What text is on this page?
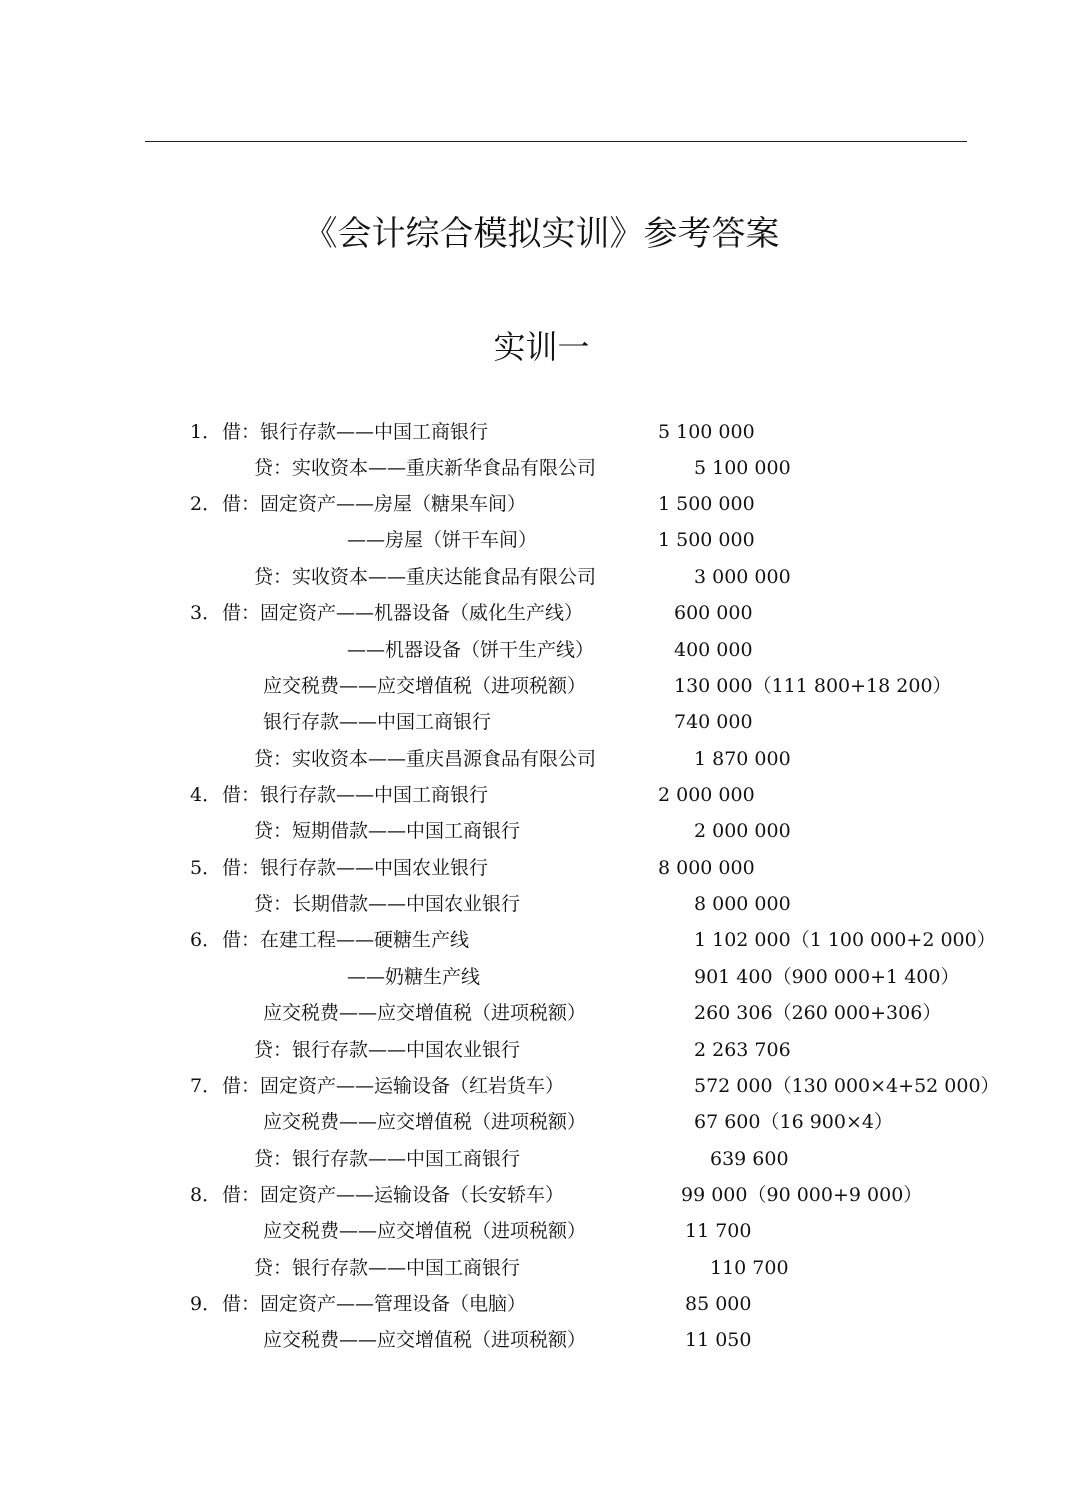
《会计综合模拟实训》参考答案
实训一
1． 借：银行存款——中国工商银行	5 100 000
贷：实收资本——重庆新华食品有限公司	5 100 000
2． 借：固定资产——房屋（糖果车间）	1 500 000
——房屋（饼干车间）	1 500 000
贷：实收资本——重庆达能食品有限公司	3 000 000
3． 借：固定资产——机器设备（威化生产线）	600 000
——机器设备（饼干生产线）	400 000
应交税费——应交增值税（进项税额）	130 000（111 800+18 200）
银行存款——中国工商银行	740 000
贷：实收资本——重庆昌源食品有限公司	1 870 000
4． 借：银行存款——中国工商银行	2 000 000
贷：短期借款——中国工商银行	2 000 000
5． 借：银行存款——中国农业银行	8 000 000
贷：长期借款——中国农业银行	8 000 000
6． 借：在建工程——硬糖生产线	1 102 000（1 100 000+2 000）
——奶糖生产线	901 400（900 000+1 400）
应交税费——应交增值税（进项税额）	260 306（260 000+306）
贷：银行存款——中国农业银行	2 263 706
7． 借：固定资产——运输设备（红岩货车）	572 000（130 000×4+52 000）
应交税费——应交增值税（进项税额）	67 600（16 900×4）
贷：银行存款——中国工商银行	639 600
8． 借：固定资产——运输设备（长安轿车）	99 000（90 000+9 000）
应交税费——应交增值税（进项税额）	11 700
贷：银行存款——中国工商银行	110 700
9． 借：固定资产——管理设备（电脑）	85 000
应交税费——应交增值税（进项税额）	11 050
